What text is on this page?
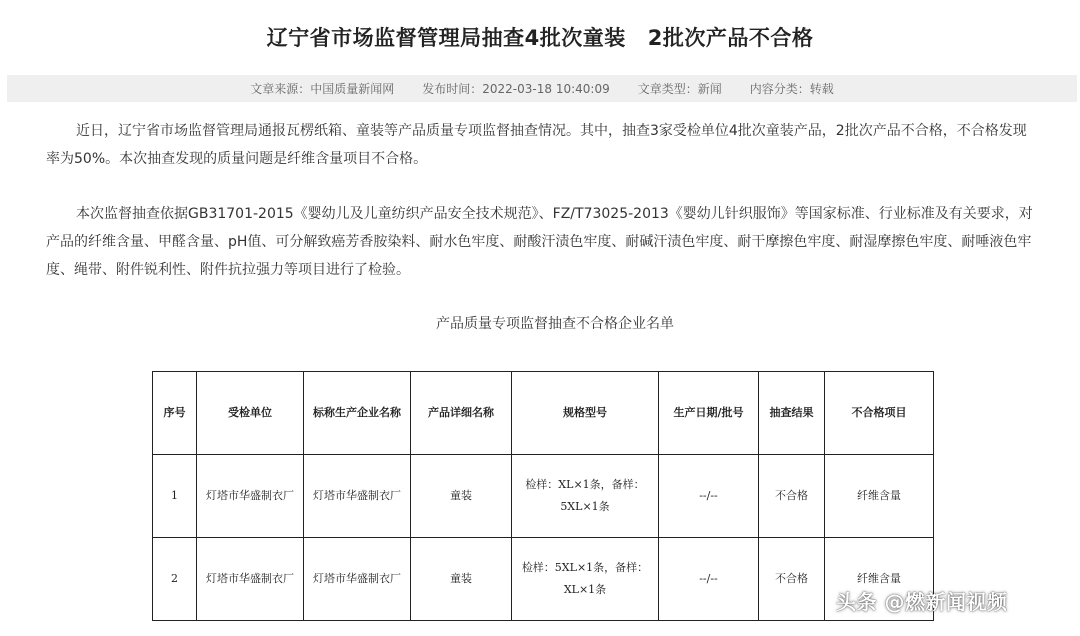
辽宁省市场监督管理局抽查4批次童装 2批次产品不合格
文章来源：中国质量新闻网 发布时间：2022-03-18 10:40:09 文章类型：新闻 内容分类：转载
近日，辽宁省市场监督管理局通报瓦楞纸箱、童装等产品质量专项监督抽查情况。其中，抽查3家受检单位4批次童装产品，2批次产品不合格，不合格发现率为50%。本次抽查发现的质量问题是纤维含量项目不合格。
本次监督抽查依据GB31701-2015《婴幼儿及儿童纺织产品安全技术规范》、FZ/T73025-2013《婴幼儿针织服饰》等国家标准、行业标准及有关要求，对产品的纤维含量、甲醛含量、pH值、可分解致癌芳香胺染料、耐水色牢度、耐酸汗渍色牢度、耐碱汗渍色牢度、耐干摩擦色牢度、耐湿摩擦色牢度、耐唾液色牢度、绳带、附件锐利性、附件抗拉强力等项目进行了检验。
产品质量专项监督抽查不合格企业名单
序号	受检单位	标称生产企业名称	产品详细名称	规格型号	生产日期/批号	抽查结果	不合格项目
1	灯塔市华盛制衣厂	灯塔市华盛制衣厂	童装	检样：XL×1条，备样：5XL×1条	--/--	不合格	纤维含量
2	灯塔市华盛制衣厂	灯塔市华盛制衣厂	童装	检样：5XL×1条，备样：XL×1条	--/--	不合格	纤维含量
头条 @燃新闻视频
